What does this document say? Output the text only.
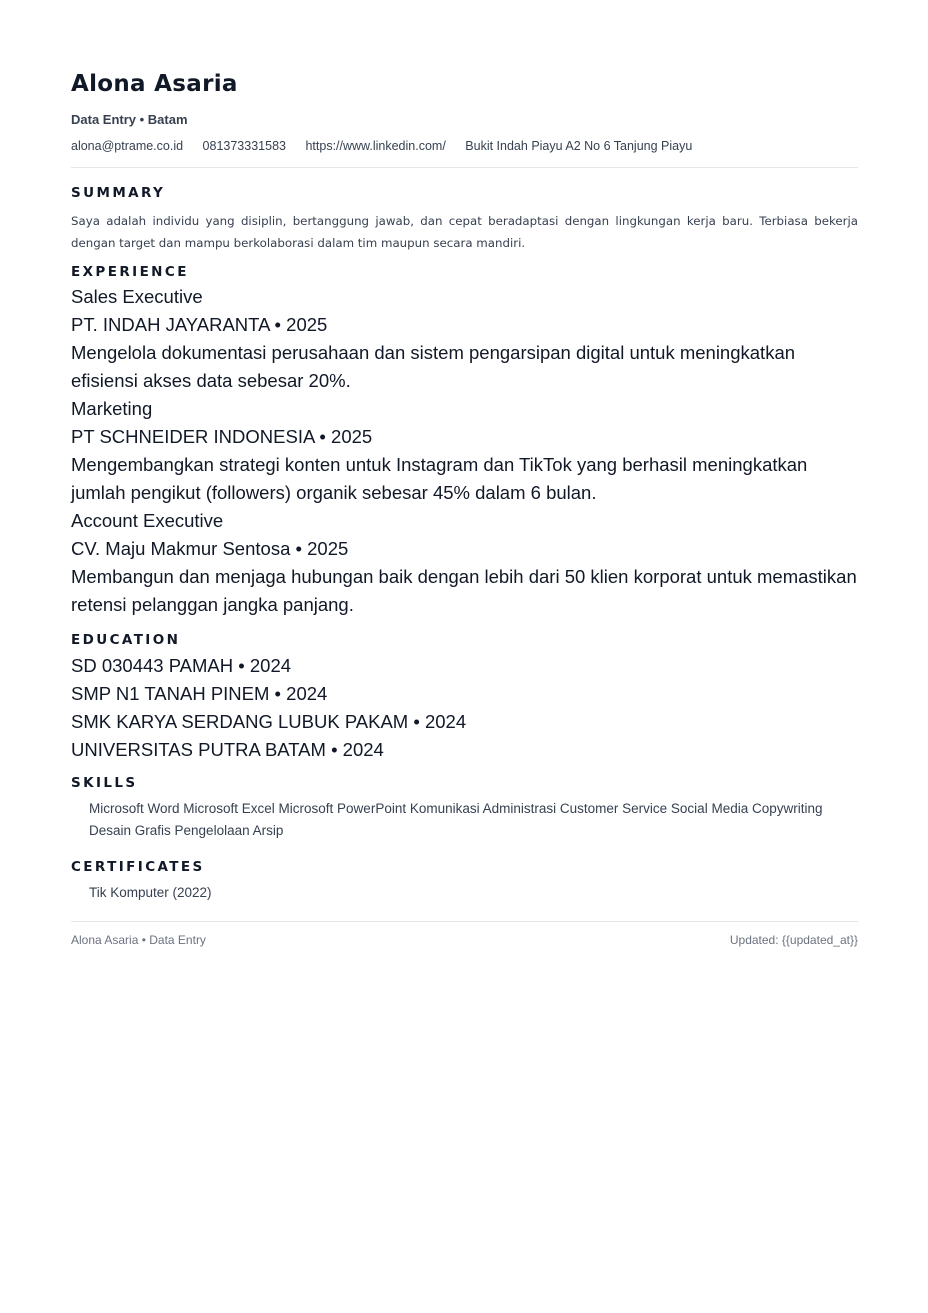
Alona Asaria
Data Entry • Batam
alona@ptrame.co.id 081373331583 https://www.linkedin.com/ Bukit Indah Piayu A2 No 6 Tanjung Piayu
SUMMARY
Saya adalah individu yang disiplin, bertanggung jawab, dan cepat beradaptasi dengan lingkungan kerja baru. Terbiasa bekerja dengan target dan mampu berkolaborasi dalam tim maupun secara mandiri.
EXPERIENCE
Sales Executive
PT. INDAH JAYARANTA • 2025
Mengelola dokumentasi perusahaan dan sistem pengarsipan digital untuk meningkatkan efisiensi akses data sebesar 20%.
Marketing
PT SCHNEIDER INDONESIA • 2025
Mengembangkan strategi konten untuk Instagram dan TikTok yang berhasil meningkatkan jumlah pengikut (followers) organik sebesar 45% dalam 6 bulan.
Account Executive
CV. Maju Makmur Sentosa • 2025
Membangun dan menjaga hubungan baik dengan lebih dari 50 klien korporat untuk memastikan retensi pelanggan jangka panjang.
EDUCATION
SD 030443 PAMAH • 2024
SMP N1 TANAH PINEM • 2024
SMK KARYA SERDANG LUBUK PAKAM • 2024
UNIVERSITAS PUTRA BATAM • 2024
SKILLS
Microsoft Word Microsoft Excel Microsoft PowerPoint Komunikasi Administrasi Customer Service Social Media Copywriting Desain Grafis Pengelolaan Arsip
CERTIFICATES
Tik Komputer (2022)
Alona Asaria • Data Entry	Updated: {{updated_at}}
